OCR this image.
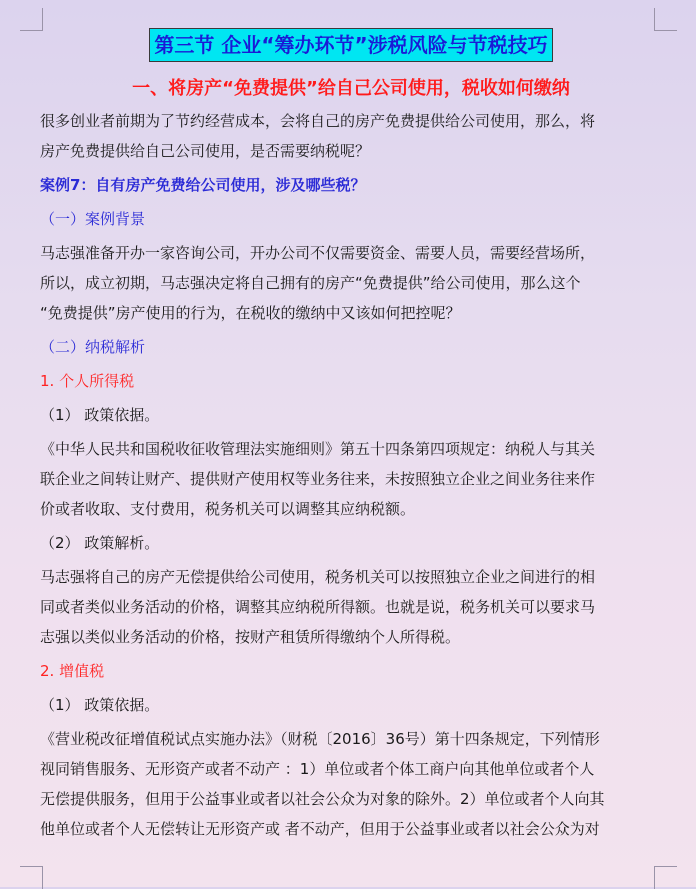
第三节 企业“筹办环节”涉税风险与节税技巧
一、将房产“免费提供”给自己公司使用，税收如何缴纳

很多创业者前期为了节约经营成本，会将自己的房产免费提供给公司使用，那么，将

房产免费提供给自己公司使用，是否需要纳税呢？

案例7：自有房产免费给公司使用，涉及哪些税？
（一）案例背景

马志强准备开办一家咨询公司，开办公司不仅需要资金、需要人员，需要经营场所，

所以，成立初期，马志强决定将自己拥有的房产“免费提供”给公司使用，那么这个

“免费提供”房产使用的行为，在税收的缴纳中又该如何把控呢？

（二）纳税解析
1. 个人所得税

（1） 政策依据。

《中华人民共和国税收征收管理法实施细则》第五十四条第四项规定：纳税人与其关

联企业之间转让财产、提供财产使用权等业务往来，未按照独立企业之间业务往来作

价或者收取、支付费用，税务机关可以调整其应纳税额。

（2） 政策解析。

马志强将自己的房产无偿提供给公司使用，税务机关可以按照独立企业之间进行的相

同或者类似业务活动的价格，调整其应纳税所得额。也就是说，税务机关可以要求马

志强以类似业务活动的价格，按财产租赁所得缴纳个人所得税。

2. 增值税

（1） 政策依据。

《营业税改征增值税试点实施办法》（财税〔2016〕36号）第十四条规定，下列情形

视同销售服务、无形资产或者不动产 ：1）单位或者个体工商户向其他单位或者个人

无偿提供服务，但用于公益事业或者以社会公众为对象的除外。2）单位或者个人向其

他单位或者个人无偿转让无形资产或 者不动产，但用于公益事业或者以社会公众为对
